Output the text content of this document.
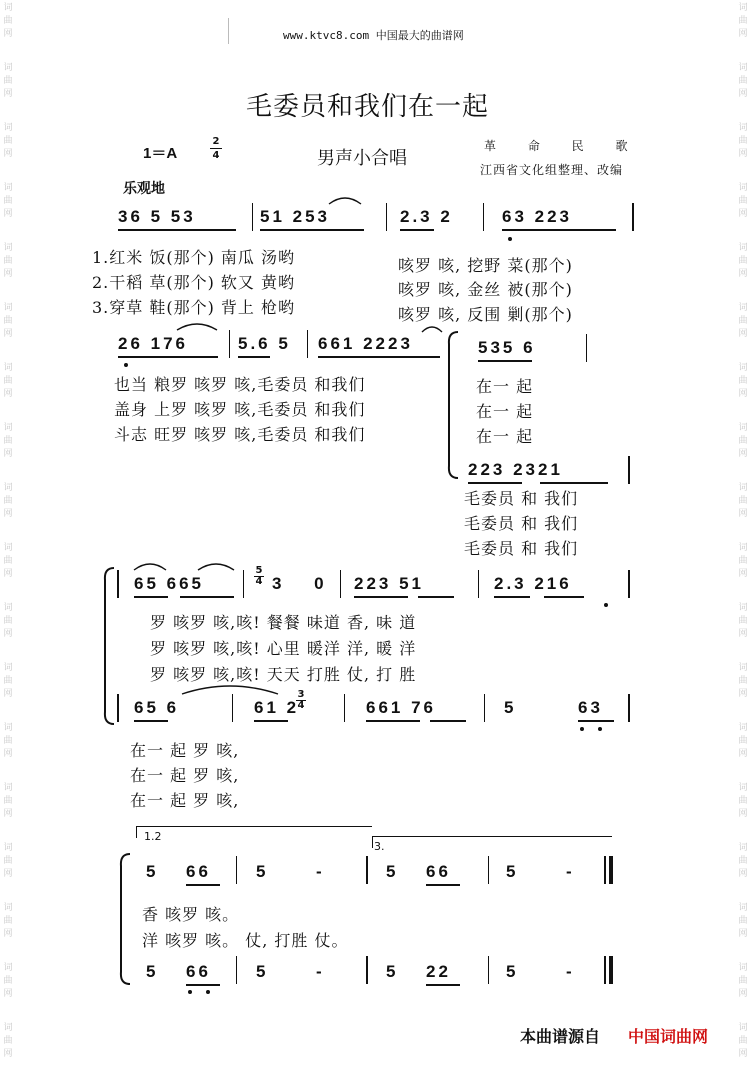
词
曲
网
词
曲
网
词
曲
网
词
曲
网
词
曲
网
词
曲
网
词
曲
网
词
曲
网
词
曲
网
词
曲
网
词
曲
网
词
曲
网
词
曲
网
词
曲
网
词
曲
网
词
曲
网
词
曲
网
词
曲
网
词
曲
网
词
曲
网
词
曲
网
词
曲
网
词
曲
网
词
曲
网
词
曲
网
词
曲
网
词
曲
网
词
曲
网
词
曲
网
词
曲
网
词
曲
网
词
曲
网
词
曲
网
词
曲
网
词
曲
网
词
曲
网
www.ktvc8.com 中国最大的曲谱网
毛委员和我们在一起
1＝A	$\frac{2}{4}$	男声小合唱
革 命 民 歌
江西省文化组整理、改编
乐观地
36 5 53	51 253	2.3 2	63 223
1.红米 饭(那个) 南瓜 汤哟	咳罗 咳, 挖野 菜(那个)
2.干稻 草(那个) 软又 黄哟	咳罗 咳, 金丝 被(那个)
3.穿草 鞋(那个) 背上 枪哟	咳罗 咳, 反围 剿(那个)
26 176	5.6 5 661 2223
也当 粮罗 咳罗 咳,毛委员 和我们
盖身 上罗 咳罗 咳,毛委员 和我们
斗志 旺罗 咳罗 咳,毛委员 和我们
535 6
在一 起
在一 起
在一 起
223 2321
毛委员 和 我们
毛委员 和 我们
毛委员 和 我们
65 665	$\frac{5}{4} 3$ 0 223 51	2.3 216
罗 咳罗 咳,咳! 餐餐 味道 香, 味 道
罗 咳罗 咳,咳! 心里 暖洋 洋, 暖 洋
罗 咳罗 咳,咳! 天天 打胜 仗, 打 胜
65 6	61 2
$\frac{3}{4}$	661 76	5	63
在一 起 罗 咳,
在一 起 罗 咳,
在一 起 罗 咳,
1.2
3.
5 66	5	-	5 66	5	-
香 咳罗 咳。
洋 咳罗 咳。 仗, 打胜 仗。
5 66	5	-	5 22	5	-
本曲谱源自 中国词曲网
